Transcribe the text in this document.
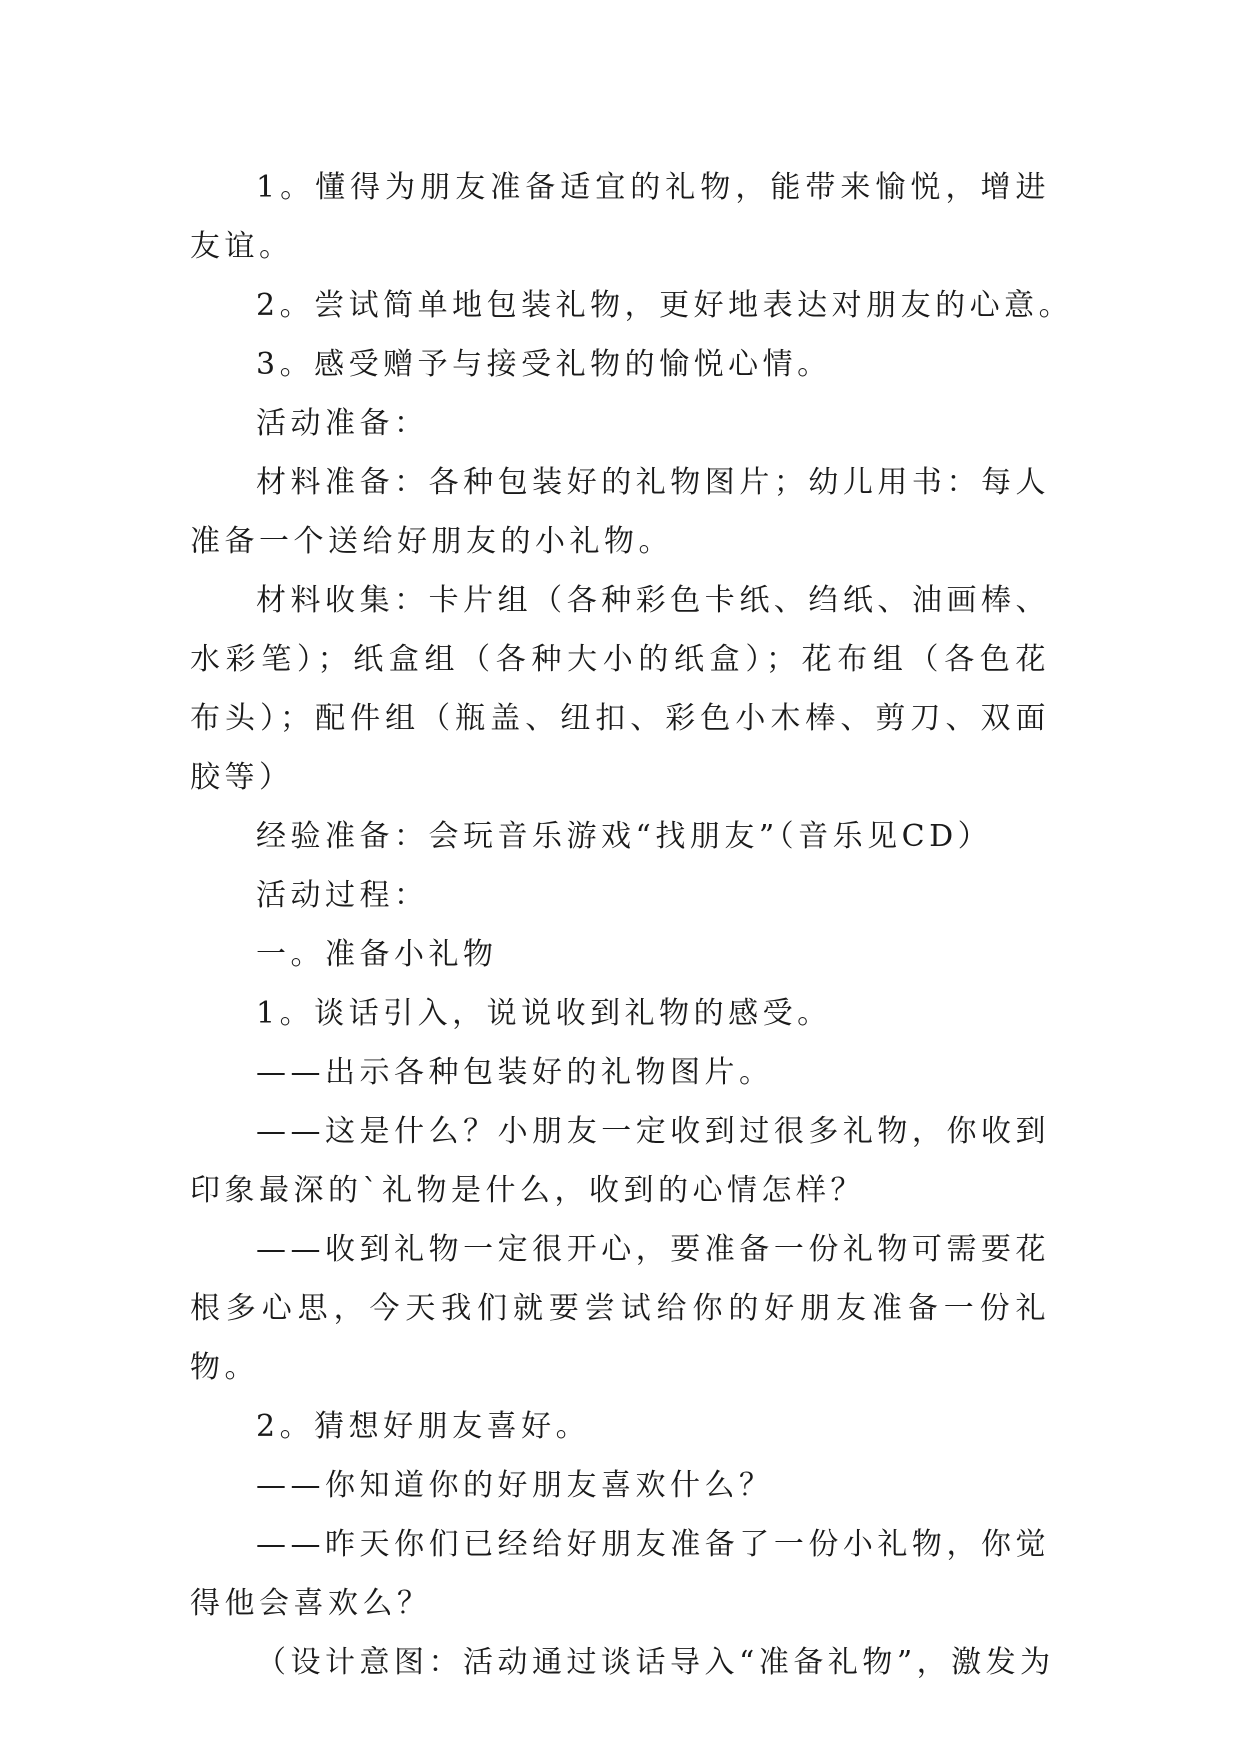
1。懂得为朋友准备适宜的礼物，能带来愉悦，增进友谊。

2。尝试简单地包装礼物，更好地表达对朋友的心意。

3。感受赠予与接受礼物的愉悦心情。

活动准备：

材料准备：各种包装好的礼物图片；幼儿用书：每人准备一个送给好朋友的小礼物。

材料收集：卡片组（各种彩色卡纸、绉纸、油画棒、水彩笔）；纸盒组（各种大小的纸盒）；花布组（各色花布头）；配件组（瓶盖、纽扣、彩色小木棒、剪刀、双面胶等）

经验准备：会玩音乐游戏“找朋友”（音乐见CD）

活动过程：

一。准备小礼物

1。谈话引入，说说收到礼物的感受。

——出示各种包装好的礼物图片。

——这是什么？小朋友一定收到过很多礼物，你收到印象最深的`礼物是什么，收到的心情怎样？

——收到礼物一定很开心，要准备一份礼物可需要花根多心思，今天我们就要尝试给你的好朋友准备一份礼物。

2。猜想好朋友喜好。

——你知道你的好朋友喜欢什么？

——昨天你们已经给好朋友准备了一份小礼物，你觉得他会喜欢么？

（设计意图：活动通过谈话导入“准备礼物”，激发为
